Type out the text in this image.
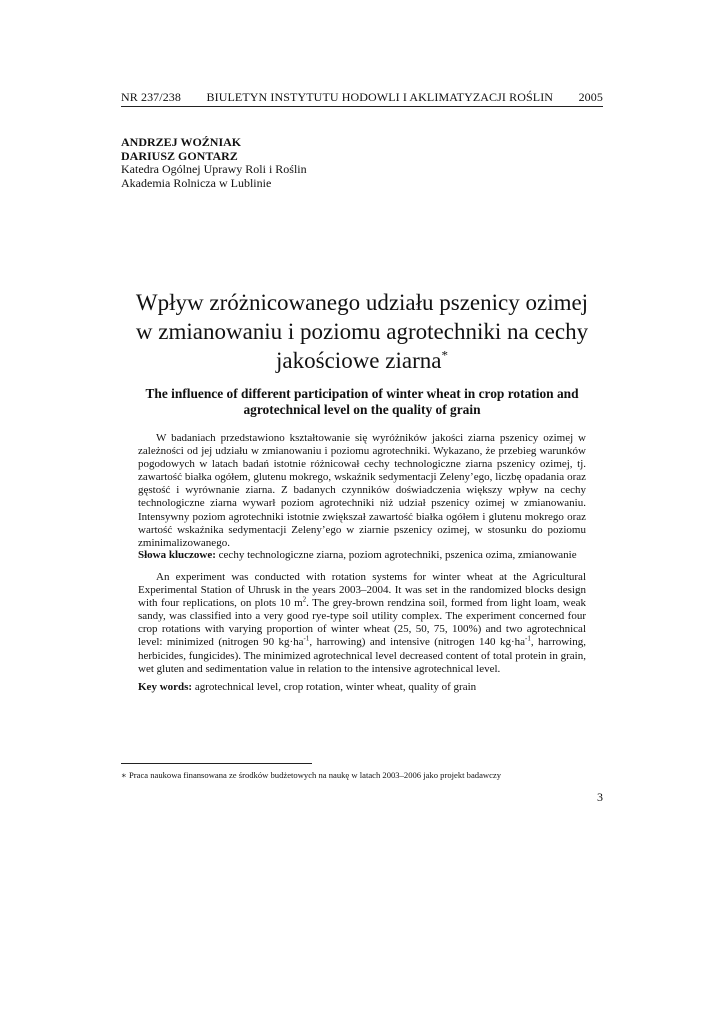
NR 237/238 BIULETYN INSTYTUTU HODOWLI I AKLIMATYZACJI ROŚLIN 2005
ANDRZEJ WOŹNIAK
DARIUSZ GONTARZ
Katedra Ogólnej Uprawy Roli i Roślin
Akademia Rolnicza w Lublinie
Wpływ zróżnicowanego udziału pszenicy ozimej
w zmianowaniu i poziomu agrotechniki na cechy
jakościowe ziarna*
The influence of different participation of winter wheat in crop rotation and
agrotechnical level on the quality of grain

W badaniach przedstawiono kształtowanie się wyróżników jakości ziarna pszenicy ozimej w zależności od jej udziału w zmianowaniu i poziomu agrotechniki. Wykazano, że przebieg warunków pogodowych w latach badań istotnie różnicował cechy technologiczne ziarna pszenicy ozimej, tj. zawartość białka ogółem, glutenu mokrego, wskaźnik sedymentacji Zeleny’ego, liczbę opadania oraz gęstość i wyrównanie ziarna. Z badanych czynników doświadczenia większy wpływ na cechy technologiczne ziarna wywarł poziom agrotechniki niż udział pszenicy ozimej w zmianowaniu. Intensywny poziom agrotechniki istotnie zwiększał zawartość białka ogółem i glutenu mokrego oraz wartość wskaźnika sedymentacji Zeleny’ego w ziarnie pszenicy ozimej, w stosunku do poziomu zminimalizowanego.

Słowa kluczowe: cechy technologiczne ziarna, poziom agrotechniki, pszenica ozima, zmianowanie

An experiment was conducted with rotation systems for winter wheat at the Agricultural Experimental Station of Uhrusk in the years 2003–2004. It was set in the randomized blocks design with four replications, on plots 10 $m^2$. The grey-brown rendzina soil, formed from light loam, weak sandy, was classified into a very good rye-type soil utility complex. The experiment concerned four crop rotations with varying proportion of winter wheat (25, 50, 75, 100%) and two agrotechnical level: minimized (nitrogen 90 $kg\cdot ha^{-1}$, harrowing) and intensive (nitrogen 140 $kg\cdot ha^{-1}$, harrowing, herbicides, fungicides). The minimized agrotechnical level decreased content of total protein in grain, wet gluten and sedimentation value in relation to the intensive agrotechnical level.

Key words: agrotechnical level, crop rotation, winter wheat, quality of grain

∗ Praca naukowa finansowana ze środków budżetowych na naukę w latach 2003–2006 jako projekt badawczy

3
